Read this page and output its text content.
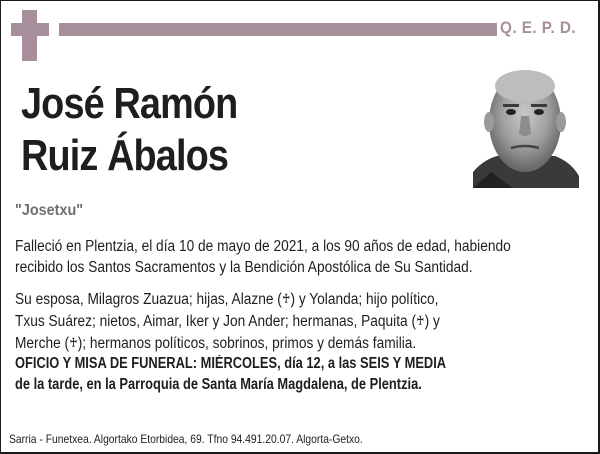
Q. E. P. D.
José Ramón
Ruiz Ábalos
"Josetxu"
Falleció en Plentzia, el día 10 de mayo de 2021, a los 90 años de edad, habiendo
recibido los Santos Sacramentos y la Bendición Apostólica de Su Santidad.
Su esposa, Milagros Zuazua; hijas, Alazne (♰) y Yolanda; hijo político,
Txus Suárez; nietos, Aimar, Iker y Jon Ander; hermanas, Paquita (♰) y
Merche (♰); hermanos políticos, sobrinos, primos y demás familia.
OFICIO Y MISA DE FUNERAL: MIÉRCOLES, día 12, a las SEIS Y MEDIA
de la tarde, en la Parroquia de Santa María Magdalena, de Plentzia.
Sarria - Funetxea. Algortako Etorbidea, 69. Tfno 94.491.20.07. Algorta-Getxo.
